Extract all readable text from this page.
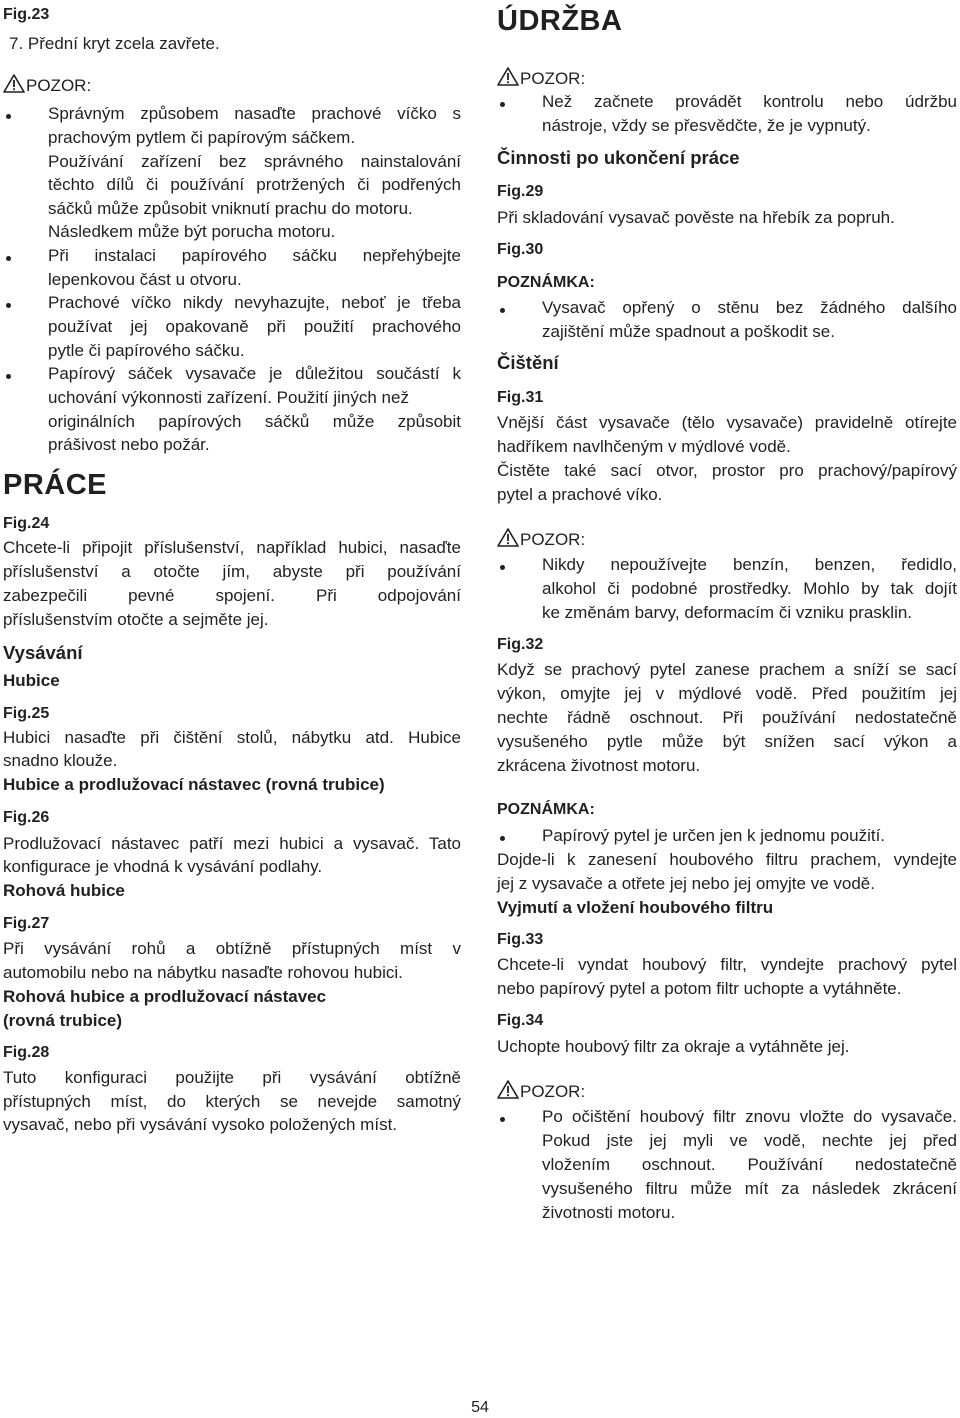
Fig.23
7. Přední kryt zcela zavřete.
POZOR:
Správným způsobem nasaďte prachové víčko s
prachovým pytlem či papírovým sáčkem.
Používání zařízení bez správného nainstalování
těchto dílů či používání protržených či podřených
sáčků může způsobit vniknutí prachu do motoru.
Následkem může být porucha motoru.
Při instalaci papírového sáčku nepřehýbejte
lepenkovou část u otvoru.
Prachové víčko nikdy nevyhazujte, neboť je třeba
používat jej opakovaně při použití prachového
pytle či papírového sáčku.
Papírový sáček vysavače je důležitou součástí k
uchování výkonnosti zařízení. Použití jiných než
originálních papírových sáčků může způsobit
prášivost nebo požár.
PRÁCE
Fig.24
Chcete-li připojit příslušenství, například hubici, nasaďte
příslušenství a otočte jím, abyste při používání
zabezpečili pevné spojení. Při odpojování
příslušenstvím otočte a sejměte jej.
Vysávání
Hubice
Fig.25
Hubici nasaďte při čištění stolů, nábytku atd. Hubice
snadno klouže.
Hubice a prodlužovací nástavec (rovná trubice)
Fig.26
Prodlužovací nástavec patří mezi hubici a vysavač. Tato
konfigurace je vhodná k vysávání podlahy.
Rohová hubice
Fig.27
Při vysávání rohů a obtížně přístupných míst v
automobilu nebo na nábytku nasaďte rohovou hubici.
Rohová hubice a prodlužovací nástavec
(rovná trubice)
Fig.28
Tuto konfiguraci použijte při vysávání obtížně
přístupných míst, do kterých se nevejde samotný
vysavač, nebo při vysávání vysoko položených míst.
ÚDRŽBA
POZOR:
Než začnete provádět kontrolu nebo údržbu
nástroje, vždy se přesvědčte, že je vypnutý.
Činnosti po ukončení práce
Fig.29
Při skladování vysavač pověste na hřebík za popruh.
Fig.30
POZNÁMKA:
Vysavač opřený o stěnu bez žádného dalšího
zajištění může spadnout a poškodit se.
Čištění
Fig.31
Vnější část vysavače (tělo vysavače) pravidelně otírejte
hadříkem navlhčeným v mýdlové vodě.
Čistěte také sací otvor, prostor pro prachový/papírový
pytel a prachové víko.
POZOR:
Nikdy nepoužívejte benzín, benzen, ředidlo,
alkohol či podobné prostředky. Mohlo by tak dojít
ke změnám barvy, deformacím či vzniku prasklin.
Fig.32
Když se prachový pytel zanese prachem a sníží se sací
výkon, omyjte jej v mýdlové vodě. Před použitím jej
nechte řádně oschnout. Při používání nedostatečně
vysušeného pytle může být snížen sací výkon a
zkrácena životnost motoru.
POZNÁMKA:
Papírový pytel je určen jen k jednomu použití.
Dojde-li k zanesení houbového filtru prachem, vyndejte
jej z vysavače a otřete jej nebo jej omyjte ve vodě.
Vyjmutí a vložení houbového filtru
Fig.33
Chcete-li vyndat houbový filtr, vyndejte prachový pytel
nebo papírový pytel a potom filtr uchopte a vytáhněte.
Fig.34
Uchopte houbový filtr za okraje a vytáhněte jej.
POZOR:
Po očištění houbový filtr znovu vložte do vysavače.
Pokud jste jej myli ve vodě, nechte jej před
vložením oschnout. Používání nedostatečně
vysušeného filtru může mít za následek zkrácení
životnosti motoru.
54
